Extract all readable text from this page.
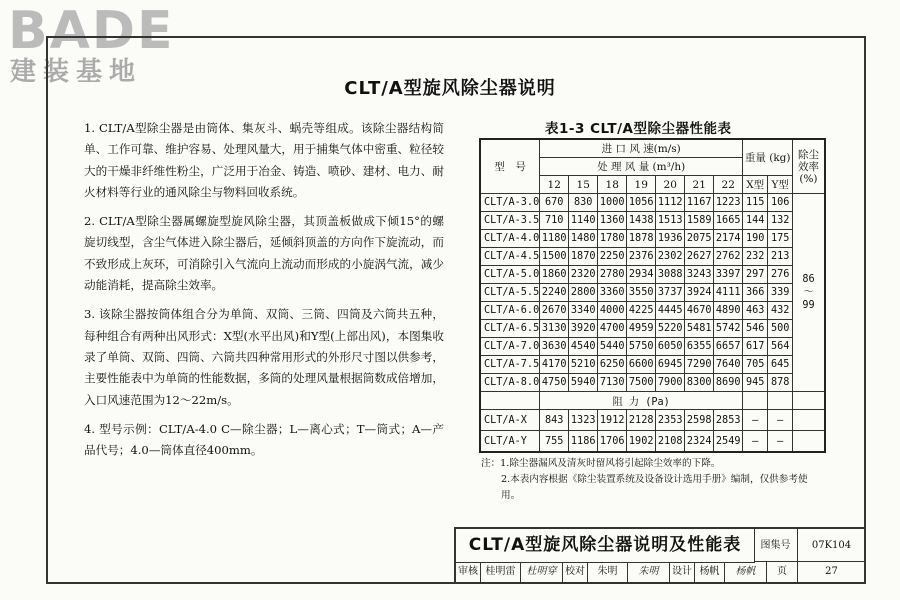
BADE
建装基地
CLT/A型旋风除尘器说明

1. CLT/A型除尘器是由筒体、集灰斗、蜗壳等组成。该除尘器结构简单、工作可靠、维护容易、处理风量大，用于捕集气体中密重、粒径较大的干燥非纤维性粉尘，广泛用于冶金、铸造、喷砂、建材、电力、耐火材料等行业的通风除尘与物料回收系统。

2. CLT/A型除尘器属螺旋型旋风除尘器，其顶盖板做成下倾15°的螺旋切线型，含尘气体进入除尘器后，延倾斜顶盖的方向作下旋流动，而不致形成上灰环，可消除引入气流向上流动而形成的小旋涡气流，减少动能消耗，提高除尘效率。

3. 该除尘器按筒体组合分为单筒、双筒、三筒、四筒及六筒共五种，每种组合有两种出风形式：X型(水平出风)和Y型(上部出风)，本图集收录了单筒、双筒、四筒、六筒共四种常用形式的外形尺寸图以供参考，主要性能表中为单筒的性能数据，多筒的处理风量根据筒数成倍增加，入口风速范围为12～22m/s。

4. 型号示例：CLT/A-4.0 C—除尘器；L—离心式；T—筒式；A—产品代号；4.0—筒体直径400mm。

表1-3 CLT/A型除尘器性能表
型　号	进 口 风 速(m/s)							重量 (kg)		除尘效率(%)
	处 理 风 量 (m³/h)									
	12	15	18	19	20	21	22	X型	Y型	
CLT/A-3.0	670	830	1000	1056	1112	1167	1223	115	106	86～99
CLT/A-3.5	710	1140	1360	1438	1513	1589	1665	144	132	
CLT/A-4.0	1180	1480	1780	1878	1936	2075	2174	190	175	
CLT/A-4.5	1500	1870	2250	2376	2302	2627	2762	232	213	
CLT/A-5.0	1860	2320	2780	2934	3088	3243	3397	297	276	
CLT/A-5.5	2240	2800	3360	3550	3737	3924	4111	366	339	
CLT/A-6.0	2670	3340	4000	4225	4445	4670	4890	463	432	
CLT/A-6.5	3130	3920	4700	4959	5220	5481	5742	546	500	
CLT/A-7.0	3630	4540	5440	5750	6050	6355	6657	617	564	
CLT/A-7.5	4170	5210	6250	6600	6945	7290	7640	705	645	
CLT/A-8.0	4750	5940	7130	7500	7900	8300	8690	945	878	
	阻 力 (Pa)									
CLT/A-X	843	1323	1912	2128	2353	2598	2853	—	—	
CLT/A-Y	755	1186	1706	1902	2108	2324	2549	—	—	
注：1.除尘器漏风及清灰时留风将引起除尘效率的下降。
2.本表内容根据《除尘装置系统及设备设计选用手册》编制，仅供参考使用。
CLT/A型旋风除尘器说明及性能表	图集号	07K104
审核 桂明雷	杜明穿 校对	朱明	朱明	设计 杨帆	杨帆	页	27
